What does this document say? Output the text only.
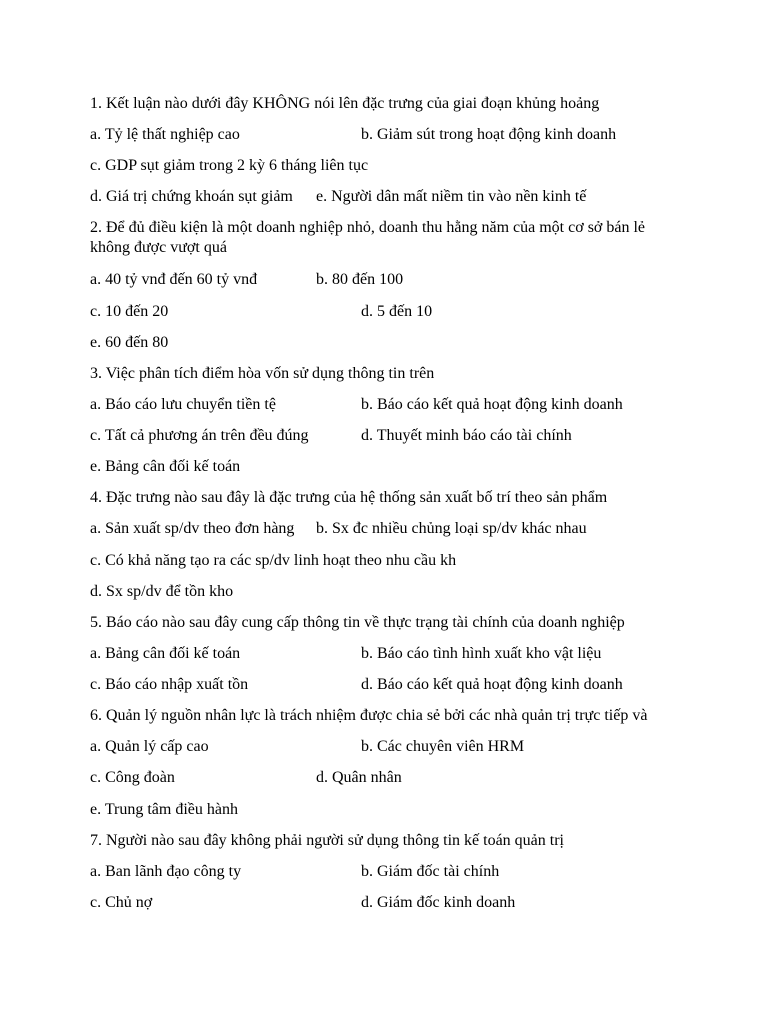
1. Kết luận nào dưới đây KHÔNG nói lên đặc trưng của giai đoạn khủng hoảng
a. Tỷ lệ thất nghiệp cao	b. Giảm sút trong hoạt động kinh doanh
c. GDP sụt giảm trong 2 kỳ 6 tháng liên tục
d. Giá trị chứng khoán sụt giảm e. Người dân mất niềm tin vào nền kinh tế
2. Để đủ điều kiện là một doanh nghiệp nhỏ, doanh thu hằng năm của một cơ sở bán lẻ không được vượt quá
a. 40 tỷ vnđ đến 60 tỷ vnđ	b. 80 đến 100
c. 10 đến 20	d. 5 đến 10
e. 60 đến 80
3. Việc phân tích điểm hòa vốn sử dụng thông tin trên
a. Báo cáo lưu chuyển tiền tệ	b. Báo cáo kết quả hoạt động kinh doanh
c. Tất cả phương án trên đều đúng	d. Thuyết minh báo cáo tài chính
e. Bảng cân đối kế toán
4. Đặc trưng nào sau đây là đặc trưng của hệ thống sản xuất bố trí theo sản phẩm
a. Sản xuất sp/dv theo đơn hàng b. Sx đc nhiều chủng loại sp/dv khác nhau
c. Có khả năng tạo ra các sp/dv linh hoạt theo nhu cầu kh
d. Sx sp/dv để tồn kho
5. Báo cáo nào sau đây cung cấp thông tin về thực trạng tài chính của doanh nghiệp
a. Bảng cân đối kế toán	b. Báo cáo tình hình xuất kho vật liệu
c. Báo cáo nhập xuất tồn	d. Báo cáo kết quả hoạt động kinh doanh
6. Quản lý nguồn nhân lực là trách nhiệm được chia sẻ bởi các nhà quản trị trực tiếp và
a. Quản lý cấp cao	b. Các chuyên viên HRM
c. Công đoàn	d. Quân nhân
e. Trung tâm điều hành
7. Người nào sau đây không phải người sử dụng thông tin kế toán quản trị
a. Ban lãnh đạo công ty	b. Giám đốc tài chính
c. Chủ nợ	d. Giám đốc kinh doanh
